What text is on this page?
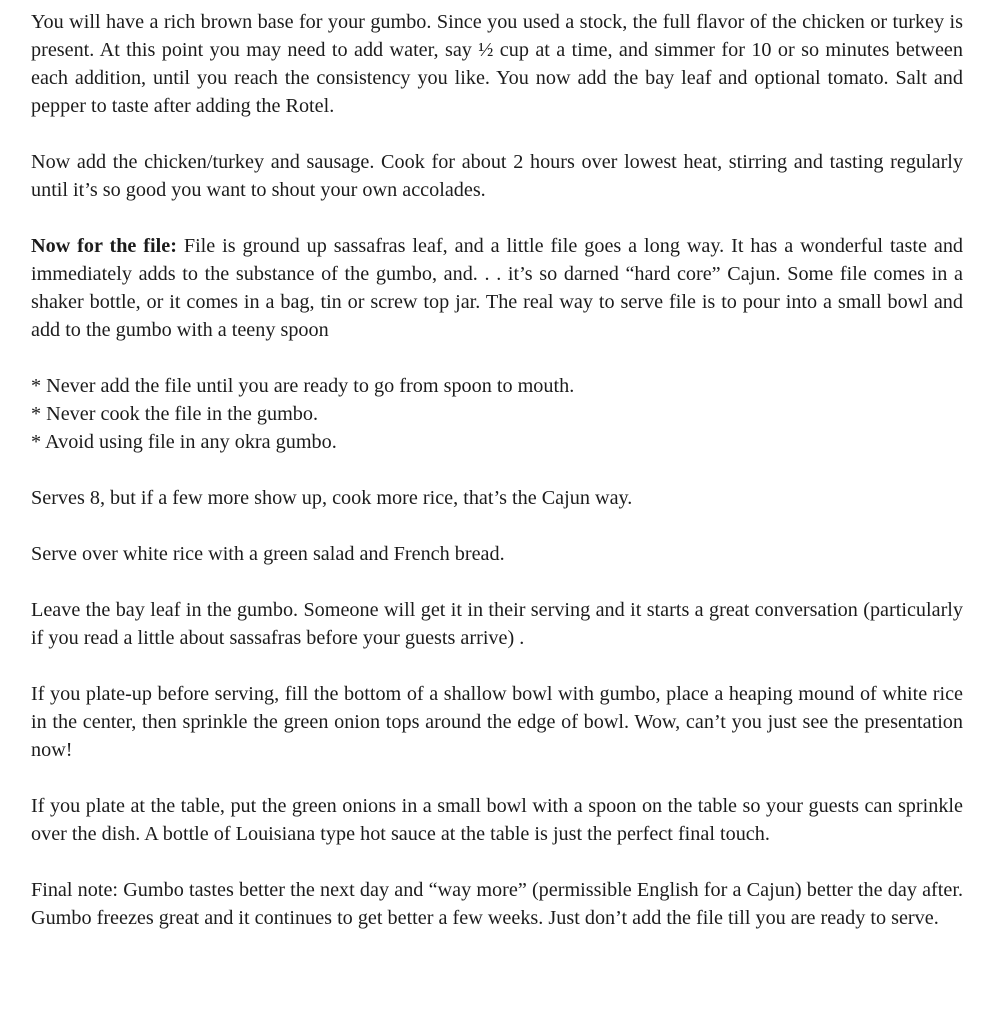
You will have a rich brown base for your gumbo. Since you used a stock, the full flavor of the chicken or turkey is present. At this point you may need to add water, say ½ cup at a time, and simmer for 10 or so minutes between each addition, until you reach the consistency you like. You now add the bay leaf and optional tomato. Salt and pepper to taste after adding the Rotel.

Now add the chicken/turkey and sausage. Cook for about 2 hours over lowest heat, stirring and tasting regularly until it’s so good you want to shout your own accolades.

Now for the file: File is ground up sassafras leaf, and a little file goes a long way. It has a wonderful taste and immediately adds to the substance of the gumbo, and. . . it’s so darned “hard core” Cajun. Some file comes in a shaker bottle, or it comes in a bag, tin or screw top jar. The real way to serve file is to pour into a small bowl and add to the gumbo with a teeny spoon

* Never add the file until you are ready to go from spoon to mouth.
* Never cook the file in the gumbo.
* Avoid using file in any okra gumbo.

Serves 8, but if a few more show up, cook more rice, that’s the Cajun way.

Serve over white rice with a green salad and French bread.

Leave the bay leaf in the gumbo. Someone will get it in their serving and it starts a great conversation (particularly if you read a little about sassafras before your guests arrive) .

If you plate-up before serving, fill the bottom of a shallow bowl with gumbo, place a heaping mound of white rice in the center, then sprinkle the green onion tops around the edge of bowl. Wow, can’t you just see the presentation now!

If you plate at the table, put the green onions in a small bowl with a spoon on the table so your guests can sprinkle over the dish. A bottle of Louisiana type hot sauce at the table is just the perfect final touch.

Final note: Gumbo tastes better the next day and “way more” (permissible English for a Cajun) better the day after. Gumbo freezes great and it continues to get better a few weeks. Just don’t add the file till you are ready to serve.
